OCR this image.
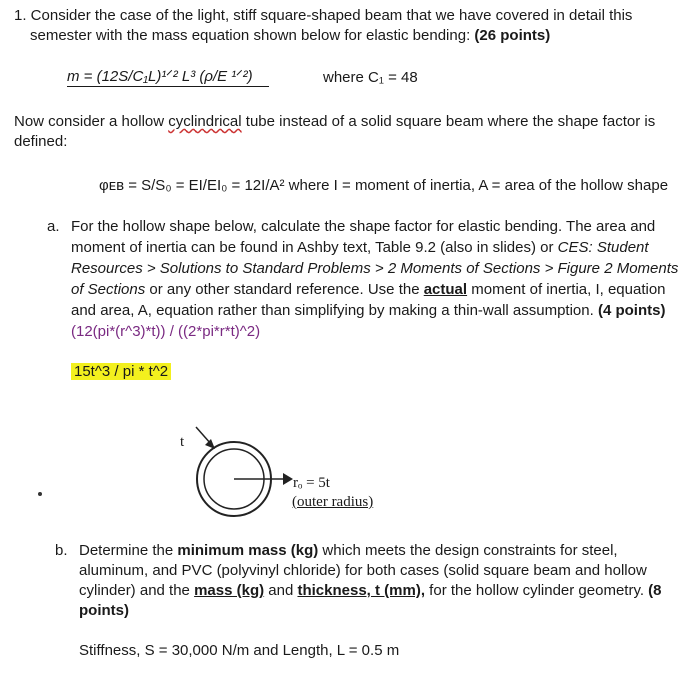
1. Consider the case of the light, stiff square-shaped beam that we have covered in detail this
semester with the mass equation shown below for elastic bending: (26 points)
m = (12S/C₁L)¹ᐟ² L³ (ρ/E ¹ᐟ²)	where C₁ = 48
Now consider a hollow cyclindrical tube instead of a solid square beam where the shape factor is
defined:
φᴇʙ = S/S₀ = EI/EI₀ = 12I/A² where I = moment of inertia, A = area of the hollow shape
a. For the hollow shape below, calculate the shape factor for elastic bending. The area and
moment of inertia can be found in Ashby text, Table 9.2 (also in slides) or CES: Student
Resources > Solutions to Standard Problems > 2 Moments of Sections > Figure 2 Moments
of Sections or any other standard reference. Use the actual moment of inertia, I, equation
and area, A, equation rather than simplifying by making a thin-wall assumption. (4 points)
(12(pi*(r^3)*t)) / ((2*pi*r*t)^2)
15t^3 / pi * t^2
t
rₒ = 5t
(outer radius)
b. Determine the minimum mass (kg) which meets the design constraints for steel,
aluminum, and PVC (polyvinyl chloride) for both cases (solid square beam and hollow
cylinder) and the mass (kg) and thickness, t (mm), for the hollow cylinder geometry. (8
points)
Stiffness, S = 30,000 N/m and Length, L = 0.5 m
